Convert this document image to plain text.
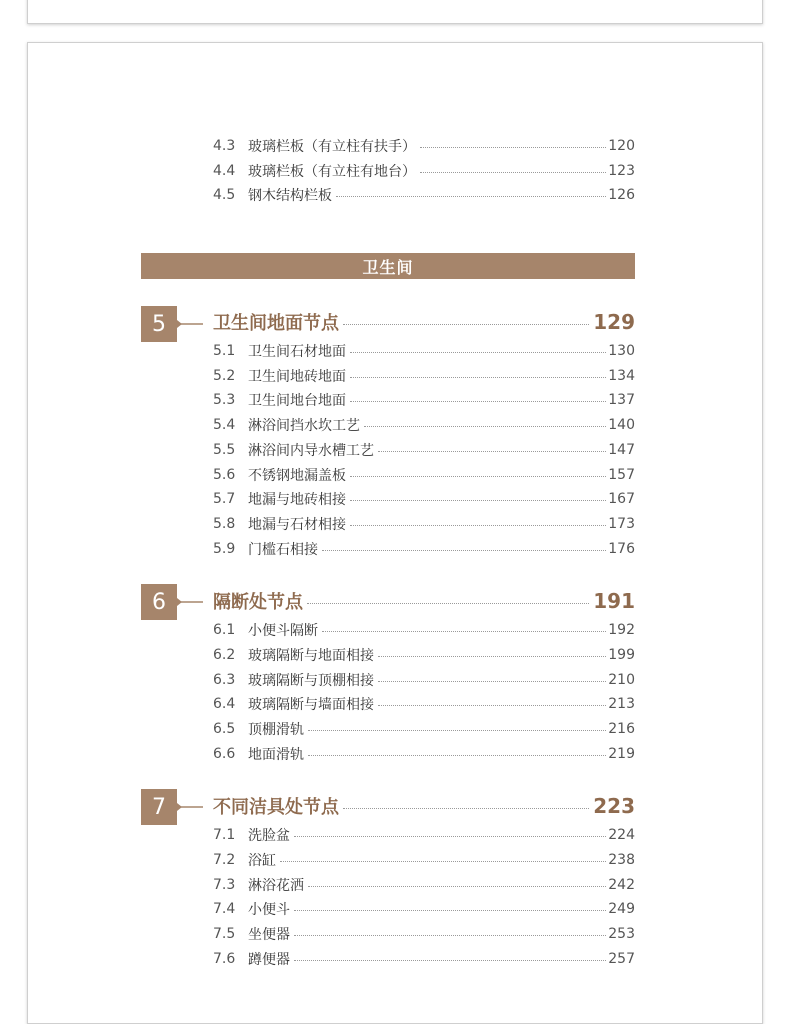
4.3 玻璃栏板（有立柱有扶手）	120
4.4 玻璃栏板（有立柱有地台）	123
4.5 钢木结构栏板	126
卫生间
5	卫生间地面节点	129
5.1 卫生间石材地面	130
5.2 卫生间地砖地面	134
5.3 卫生间地台地面	137
5.4 淋浴间挡水坎工艺	140
5.5 淋浴间内导水槽工艺	147
5.6 不锈钢地漏盖板	157
5.7 地漏与地砖相接	167
5.8 地漏与石材相接	173
5.9 门槛石相接	176
6	隔断处节点	191
6.1 小便斗隔断	192
6.2 玻璃隔断与地面相接	199
6.3 玻璃隔断与顶棚相接	210
6.4 玻璃隔断与墙面相接	213
6.5 顶棚滑轨	216
6.6 地面滑轨	219
7	不同洁具处节点	223
7.1 洗脸盆	224
7.2 浴缸	238
7.3 淋浴花洒	242
7.4 小便斗	249
7.5 坐便器	253
7.6 蹲便器	257
